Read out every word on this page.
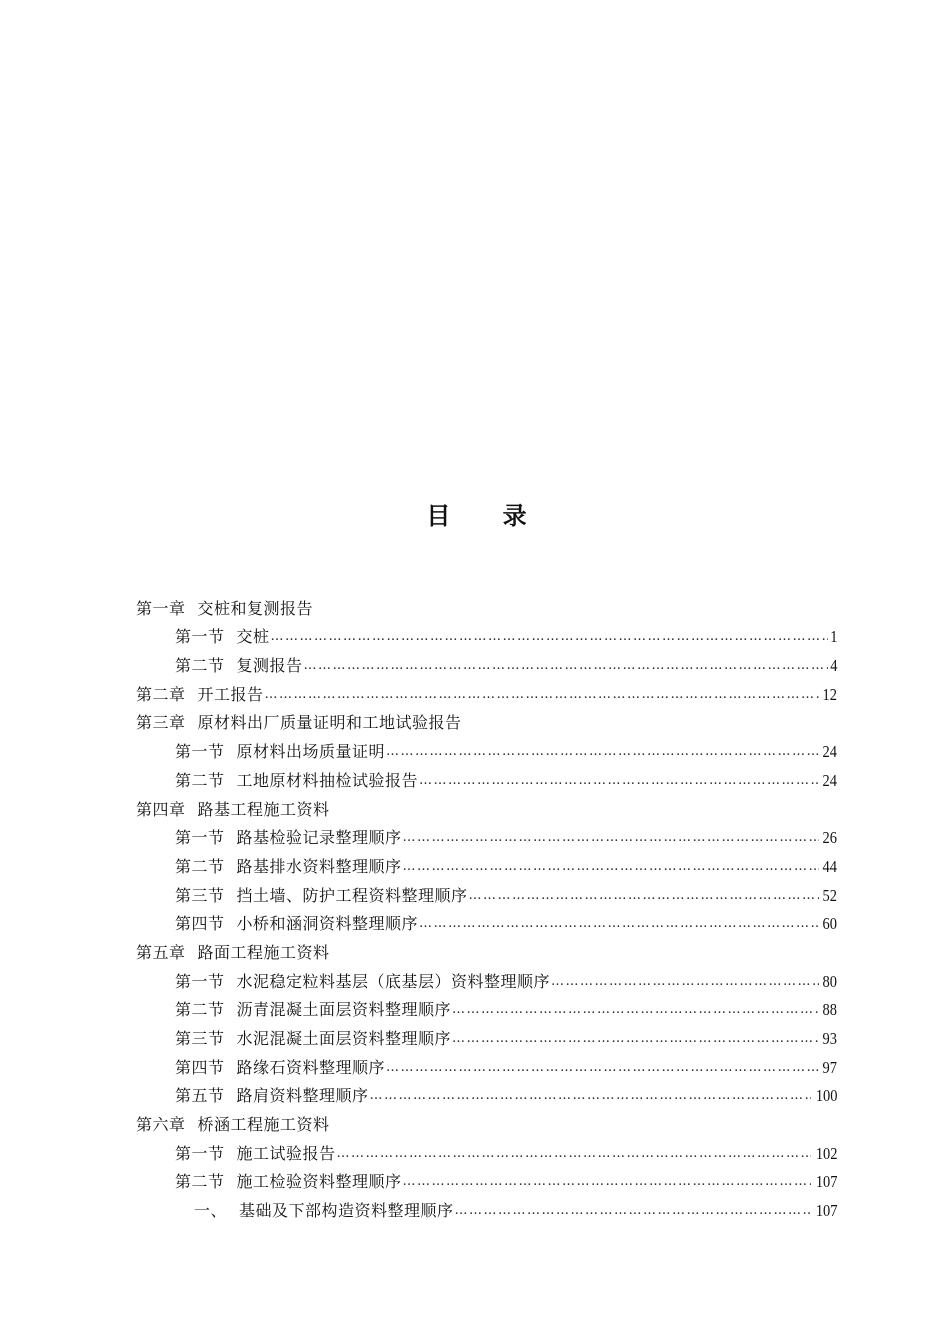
目 录
第一章 交桩和复测报告
第一节 交桩 ………………………………………………………………………………………………………………………………………………………………………………………………………………	1
第二节 复测报告 ………………………………………………………………………………………………………………………………………………………………………………………………………………	4
第二章 开工报告 ………………………………………………………………………………………………………………………………………………………………………………………………………………	12
第三章 原材料出厂质量证明和工地试验报告
第一节 原材料出场质量证明 ………………………………………………………………………………………………………………………………………………………………………………………………………………	24
第二节 工地原材料抽检试验报告 ………………………………………………………………………………………………………………………………………………………………………………………………………………	24
第四章 路基工程施工资料
第一节 路基检验记录整理顺序 ………………………………………………………………………………………………………………………………………………………………………………………………………………	26
第二节 路基排水资料整理顺序 ………………………………………………………………………………………………………………………………………………………………………………………………………………	44
第三节 挡土墙、防护工程资料整理顺序 ………………………………………………………………………………………………………………………………………………………………………………………………………………	52
第四节 小桥和涵洞资料整理顺序 ………………………………………………………………………………………………………………………………………………………………………………………………………………	60
第五章 路面工程施工资料
第一节 水泥稳定粒料基层（底基层）资料整理顺序 ………………………………………………………………………………………………………………………………………………………………………………………………………………	80
第二节 沥青混凝土面层资料整理顺序 ………………………………………………………………………………………………………………………………………………………………………………………………………………	88
第三节 水泥混凝土面层资料整理顺序 ………………………………………………………………………………………………………………………………………………………………………………………………………………	93
第四节 路缘石资料整理顺序 ………………………………………………………………………………………………………………………………………………………………………………………………………………	97
第五节 路肩资料整理顺序 ………………………………………………………………………………………………………………………………………………………………………………………………………………	100
第六章 桥涵工程施工资料
第一节 施工试验报告 ………………………………………………………………………………………………………………………………………………………………………………………………………………	102
第二节 施工检验资料整理顺序 ………………………………………………………………………………………………………………………………………………………………………………………………………………	107
一、 基础及下部构造资料整理顺序 ………………………………………………………………………………………………………………………………………………………………………………………………………………	107
